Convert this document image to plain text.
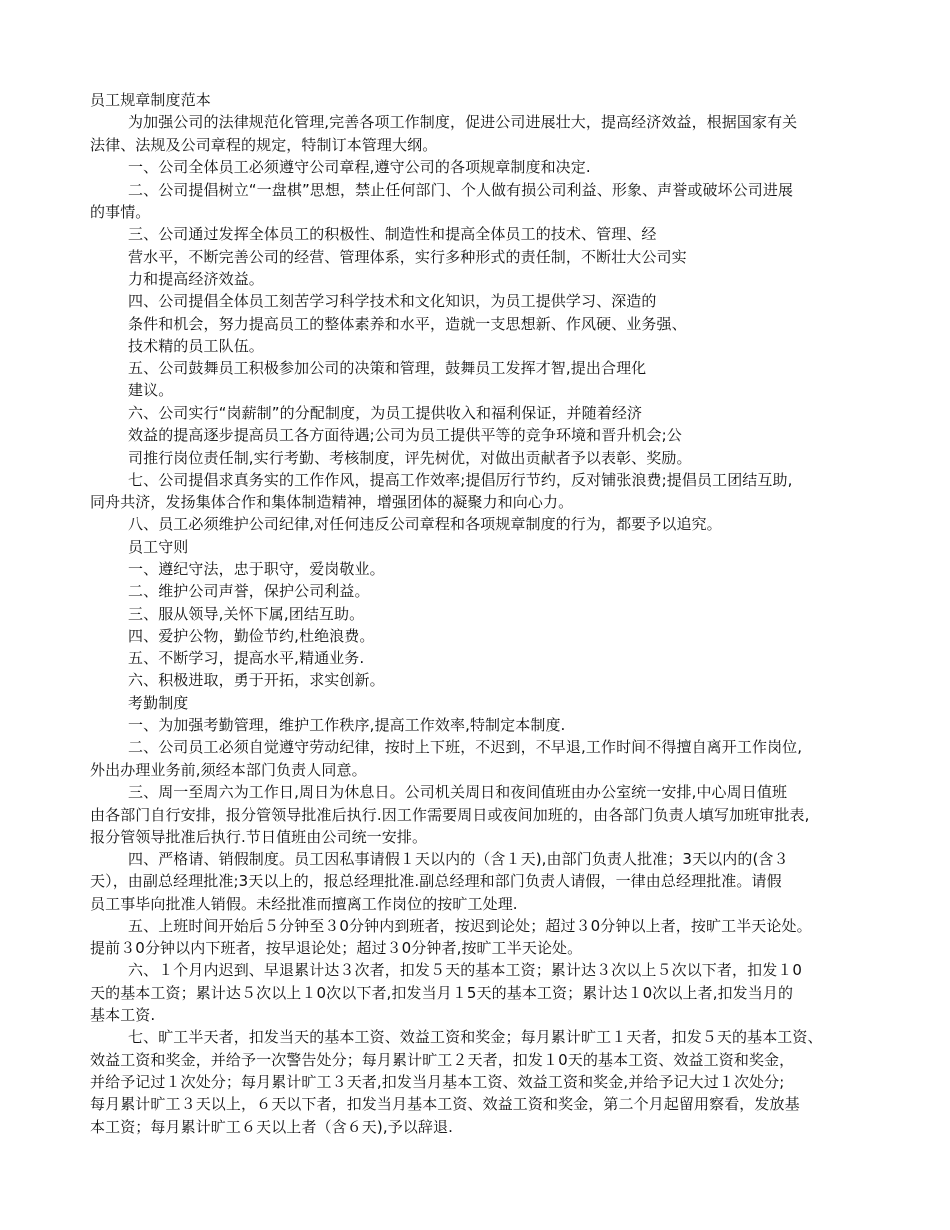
员工规章制度范本
为加强公司的法律规范化管理,完善各项工作制度，促进公司进展壮大，提高经济效益，根据国家有关
法律、法规及公司章程的规定，特制订本管理大纲。
一、公司全体员工必须遵守公司章程,遵守公司的各项规章制度和决定.
二、公司提倡树立“一盘棋”思想，禁止任何部门、个人做有损公司利益、形象、声誉或破坏公司进展
的事情。
三、公司通过发挥全体员工的积极性、制造性和提高全体员工的技术、管理、经
营水平，不断完善公司的经营、管理体系，实行多种形式的责任制，不断壮大公司实
力和提高经济效益。
四、公司提倡全体员工刻苦学习科学技术和文化知识，为员工提供学习、深造的
条件和机会，努力提高员工的整体素养和水平，造就一支思想新、作风硬、业务强、
技术精的员工队伍。
五、公司鼓舞员工积极参加公司的决策和管理，鼓舞员工发挥才智,提出合理化
建议。
六、公司实行“岗薪制”的分配制度，为员工提供收入和福利保证，并随着经济
效益的提高逐步提高员工各方面待遇;公司为员工提供平等的竞争环境和晋升机会;公
司推行岗位责任制,实行考勤、考核制度，评先树优，对做出贡献者予以表彰、奖励。
七、公司提倡求真务实的工作作风，提高工作效率;提倡厉行节约，反对铺张浪费;提倡员工团结互助,
同舟共济，发扬集体合作和集体制造精神，增强团体的凝聚力和向心力。
八、员工必须维护公司纪律,对任何违反公司章程和各项规章制度的行为，都要予以追究。
员工守则
一、遵纪守法，忠于职守，爱岗敬业。
二、维护公司声誉，保护公司利益。
三、服从领导,关怀下属,团结互助。
四、爱护公物，勤俭节约,杜绝浪费。
五、不断学习，提高水平,精通业务.
六、积极进取，勇于开拓，求实创新。
考勤制度
一、为加强考勤管理，维护工作秩序,提高工作效率,特制定本制度.
二、公司员工必须自觉遵守劳动纪律，按时上下班，不迟到，不早退,工作时间不得擅自离开工作岗位,
外出办理业务前,须经本部门负责人同意。
三、周一至周六为工作日,周日为休息日。公司机关周日和夜间值班由办公室统一安排,中心周日值班
由各部门自行安排，报分管领导批准后执行.因工作需要周日或夜间加班的，由各部门负责人填写加班审批表,
报分管领导批准后执行.节日值班由公司统一安排。
四、严格请、销假制度。员工因私事请假１天以内的（含１天),由部门负责人批准；3天以内的(含３
天），由副总经理批准;3天以上的，报总经理批准.副总经理和部门负责人请假，一律由总经理批准。请假
员工事毕向批准人销假。未经批准而擅离工作岗位的按旷工处理.
五、上班时间开始后５分钟至３0分钟内到班者，按迟到论处；超过３0分钟以上者，按旷工半天论处。
提前３0分钟以内下班者，按早退论处；超过３0分钟者,按旷工半天论处。
六、１个月内迟到、早退累计达３次者，扣发５天的基本工资；累计达３次以上５次以下者，扣发１0
天的基本工资；累计达５次以上１0次以下者,扣发当月１5天的基本工资；累计达１0次以上者,扣发当月的
基本工资.
七、旷工半天者，扣发当天的基本工资、效益工资和奖金；每月累计旷工１天者，扣发５天的基本工资、
效益工资和奖金，并给予一次警告处分；每月累计旷工２天者，扣发１0天的基本工资、效益工资和奖金，
并给予记过１次处分；每月累计旷工３天者,扣发当月基本工资、效益工资和奖金,并给予记大过１次处分;
每月累计旷工３天以上，６天以下者，扣发当月基本工资、效益工资和奖金，第二个月起留用察看，发放基
本工资；每月累计旷工６天以上者（含６天),予以辞退.
